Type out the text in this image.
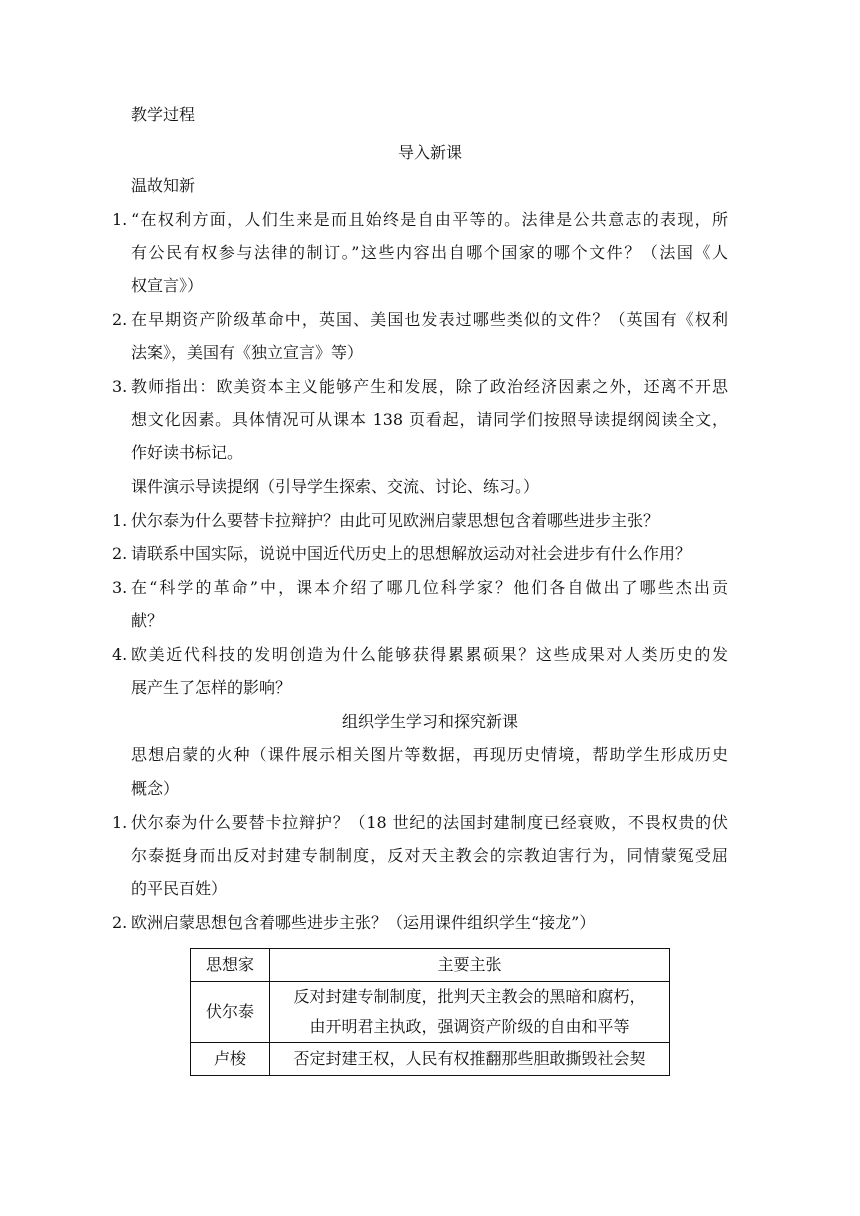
教学过程
导入新课
温故知新
1. “在权利方面，人们生来是而且始终是自由平等的。法律是公共意志的表现，所
有公民有权参与法律的制订。”这些内容出自哪个国家的哪个文件？（法国《人
权宣言》）
2. 在早期资产阶级革命中，英国、美国也发表过哪些类似的文件？（英国有《权利
法案》，美国有《独立宣言》等）
3. 教师指出：欧美资本主义能够产生和发展，除了政治经济因素之外，还离不开思
想文化因素。具体情况可从课本 138 页看起，请同学们按照导读提纲阅读全文，
作好读书标记。
课件演示导读提纲（引导学生探索、交流、讨论、练习。）
1. 伏尔泰为什么要替卡拉辩护？由此可见欧洲启蒙思想包含着哪些进步主张？
2. 请联系中国实际，说说中国近代历史上的思想解放运动对社会进步有什么作用？
3. 在“科学的革命”中，课本介绍了哪几位科学家？他们各自做出了哪些杰出贡
献？
4. 欧美近代科技的发明创造为什么能够获得累累硕果？这些成果对人类历史的发
展产生了怎样的影响？
组织学生学习和探究新课
思想启蒙的火种（课件展示相关图片等数据，再现历史情境，帮助学生形成历史
概念）
1. 伏尔泰为什么要替卡拉辩护？（18 世纪的法国封建制度已经衰败，不畏权贵的伏
尔泰挺身而出反对封建专制制度，反对天主教会的宗教迫害行为，同情蒙冤受屈
的平民百姓）
2. 欧洲启蒙思想包含着哪些进步主张？（运用课件组织学生“接龙”）
思想家	主要主张
伏尔泰	反对封建专制制度，批判天主教会的黑暗和腐朽，
由开明君主执政，强调资产阶级的自由和平等

卢梭	否定封建王权，人民有权推翻那些胆敢撕毁社会契
